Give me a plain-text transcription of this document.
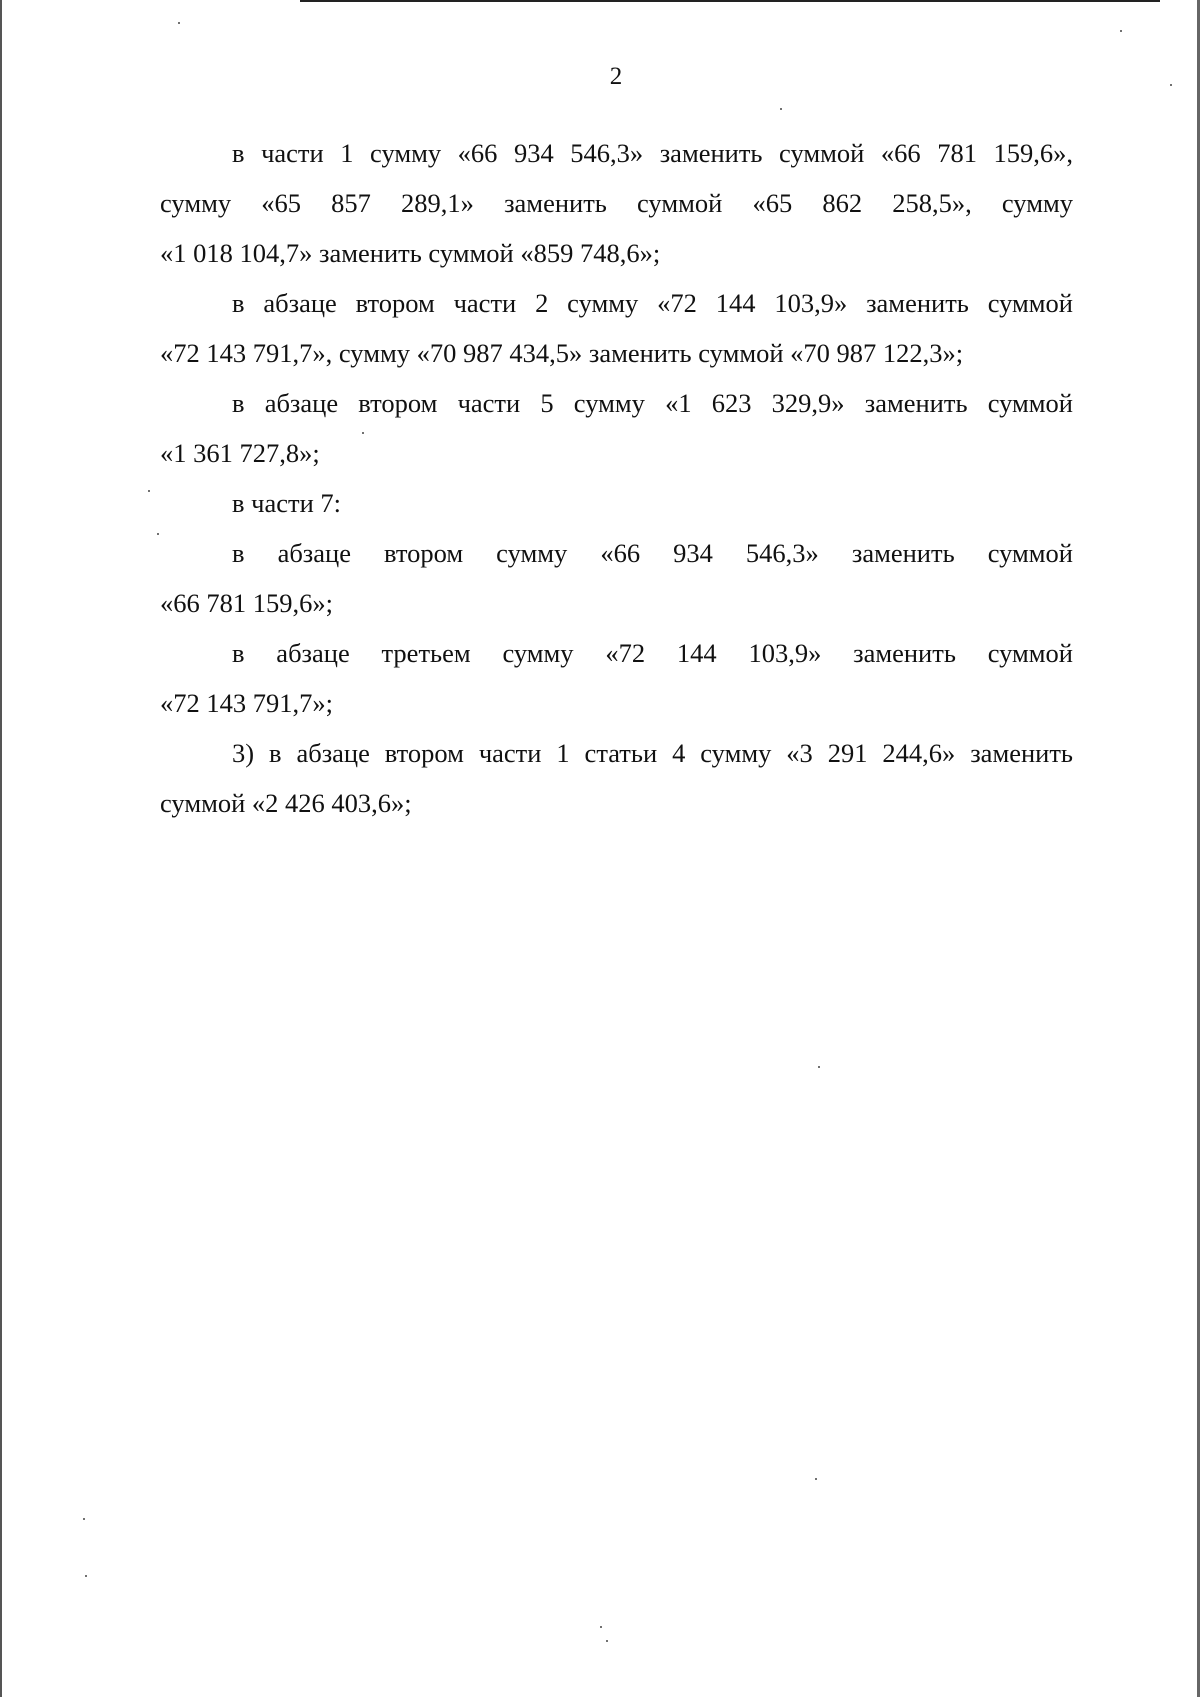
2

в части 1 сумму «66 934 546,3» заменить суммой «66 781 159,6»,
сумму «65 857 289,1» заменить суммой «65 862 258,5», сумму
«1 018 104,7» заменить суммой «859 748,6»;

в абзаце втором части 2 сумму «72 144 103,9» заменить суммой
«72 143 791,7», сумму «70 987 434,5» заменить суммой «70 987 122,3»;

в абзаце втором части 5 сумму «1 623 329,9» заменить суммой
«1 361 727,8»;

в части 7:

в абзаце втором сумму «66 934 546,3» заменить суммой
«66 781 159,6»;

в абзаце третьем сумму «72 144 103,9» заменить суммой
«72 143 791,7»;

3) в абзаце втором части 1 статьи 4 сумму «3 291 244,6» заменить
суммой «2 426 403,6»;
